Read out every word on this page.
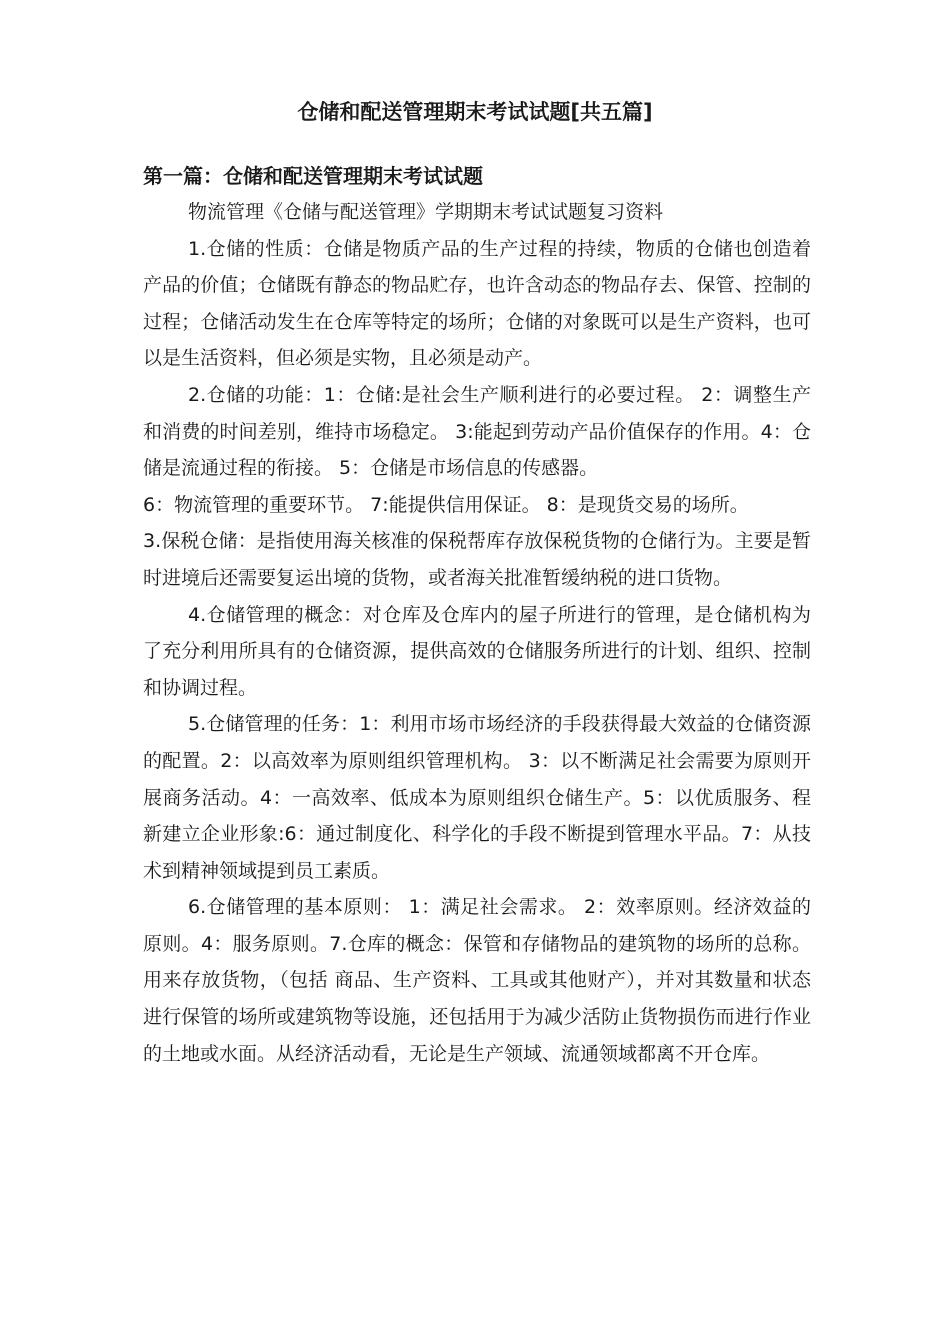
仓储和配送管理期末考试试题[共五篇]
第一篇：仓储和配送管理期末考试试题

物流管理《仓储与配送管理》学期期末考试试题复习资料

1.仓储的性质：仓储是物质产品的生产过程的持续，物质的仓储也创造着产品的价值；仓储既有静态的物品贮存，也许含动态的物品存去、保管、控制的过程；仓储活动发生在仓库等特定的场所；仓储的对象既可以是生产资料，也可以是生活资料，但必须是实物，且必须是动产。

2.仓储的功能：1：仓储:是社会生产顺利进行的必要过程。 2：调整生产和消费的时间差别，维持市场稳定。 3:能起到劳动产品价值保存的作用。4：仓储是流通过程的衔接。 5：仓储是市场信息的传感器。

6：物流管理的重要环节。 7:能提供信用保证。 8：是现货交易的场所。

3.保税仓储：是指使用海关核准的保税帮库存放保税货物的仓储行为。主要是暂时进境后还需要复运出境的货物，或者海关批准暂缓纳税的进口货物。

4.仓储管理的概念：对仓库及仓库内的屋子所进行的管理，是仓储机构为了充分利用所具有的仓储资源，提供高效的仓储服务所进行的计划、组织、控制和协调过程。

5.仓储管理的任务：1：利用市场市场经济的手段获得最大效益的仓储资源的配置。2：以高效率为原则组织管理机构。 3：以不断满足社会需要为原则开展商务活动。4：一高效率、低成本为原则组织仓储生产。5：以优质服务、程新建立企业形象:6：通过制度化、科学化的手段不断提到管理水平品。7：从技术到精神领域提到员工素质。

6.仓储管理的基本原则： 1：满足社会需求。 2：效率原则。经济效益的原则。4：服务原则。7.仓库的概念：保管和存储物品的建筑物的场所的总称。用来存放货物，（包括 商品、生产资料、工具或其他财产），并对其数量和状态进行保管的场所或建筑物等设施，还包括用于为减少活防止货物损伤而进行作业的土地或水面。从经济活动看，无论是生产领域、流通领域都离不开仓库。
